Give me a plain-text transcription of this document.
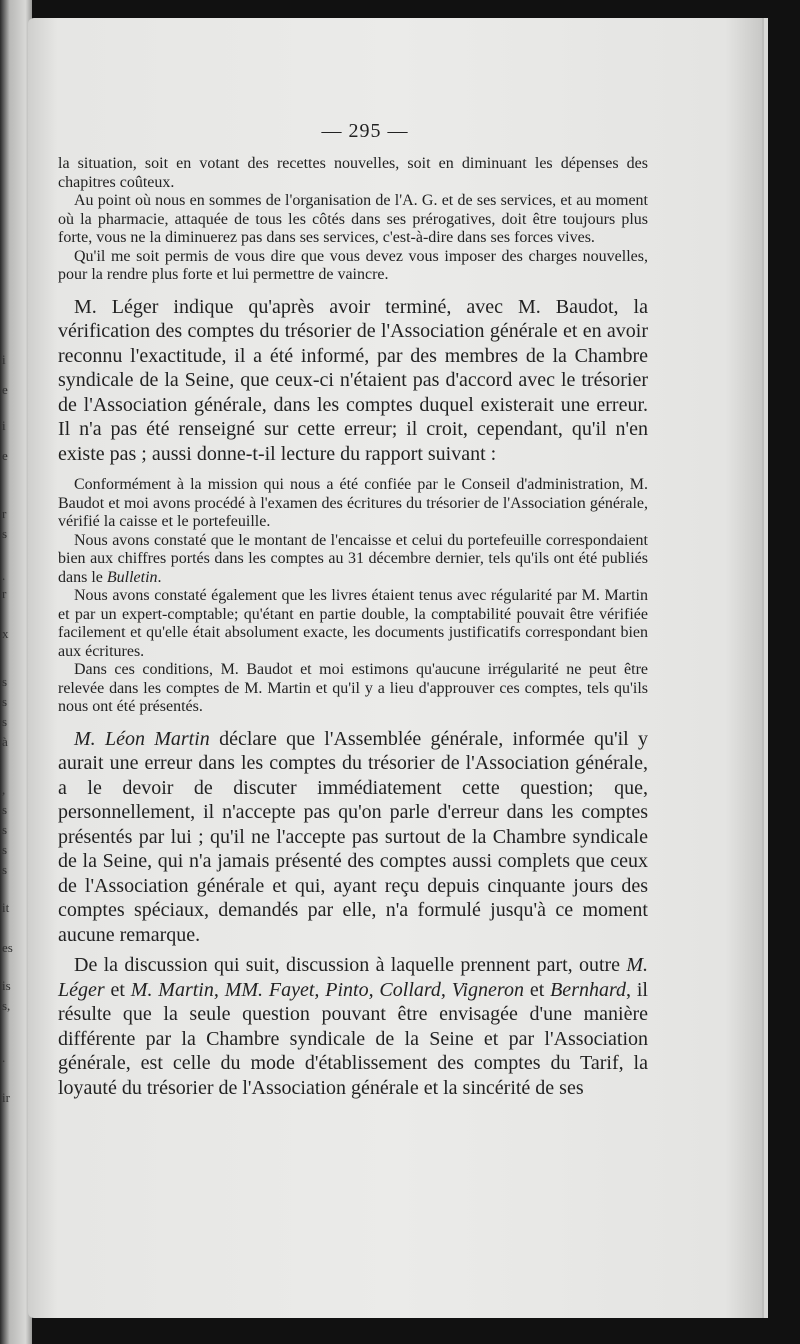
i
e
i
e
r
s
.
r
x
s
s
s
à
,
s
s
s
s
it
es
is
s,
.
ir
— 295 —

la situation, soit en votant des recettes nouvelles, soit en diminuant les dépenses des chapitres coûteux.

Au point où nous en sommes de l'organisation de l'A. G. et de ses services, et au moment où la pharmacie, attaquée de tous les côtés dans ses prérogatives, doit être toujours plus forte, vous ne la diminuerez pas dans ses services, c'est-à-dire dans ses forces vives.

Qu'il me soit permis de vous dire que vous devez vous imposer des charges nouvelles, pour la rendre plus forte et lui permettre de vaincre.

M. Léger indique qu'après avoir terminé, avec M. Baudot, la vérification des comptes du trésorier de l'Association générale et en avoir reconnu l'exactitude, il a été informé, par des membres de la Chambre syndicale de la Seine, que ceux-ci n'étaient pas d'accord avec le trésorier de l'Association générale, dans les comptes duquel existerait une erreur. Il n'a pas été renseigné sur cette erreur; il croit, cependant, qu'il n'en existe pas ; aussi donne-t-il lecture du rapport suivant :

Conformément à la mission qui nous a été confiée par le Conseil d'administration, M. Baudot et moi avons procédé à l'examen des écritures du trésorier de l'Association générale, vérifié la caisse et le portefeuille.

Nous avons constaté que le montant de l'encaisse et celui du portefeuille correspondaient bien aux chiffres portés dans les comptes au 31 décembre dernier, tels qu'ils ont été publiés dans le Bulletin.

Nous avons constaté également que les livres étaient tenus avec régularité par M. Martin et par un expert-comptable; qu'étant en partie double, la comptabilité pouvait être vérifiée facilement et qu'elle était absolument exacte, les documents justificatifs correspondant bien aux écritures.

Dans ces conditions, M. Baudot et moi estimons qu'aucune irrégularité ne peut être relevée dans les comptes de M. Martin et qu'il y a lieu d'approuver ces comptes, tels qu'ils nous ont été présentés.

M. Léon Martin déclare que l'Assemblée générale, informée qu'il y aurait une erreur dans les comptes du trésorier de l'Association générale, a le devoir de discuter immédiatement cette question; que, personnellement, il n'accepte pas qu'on parle d'erreur dans les comptes présentés par lui ; qu'il ne l'accepte pas surtout de la Chambre syndicale de la Seine, qui n'a jamais présenté des comptes aussi complets que ceux de l'Association générale et qui, ayant reçu depuis cinquante jours des comptes spéciaux, demandés par elle, n'a formulé jusqu'à ce moment aucune remarque.

De la discussion qui suit, discussion à laquelle prennent part, outre M. Léger et M. Martin, MM. Fayet, Pinto, Collard, Vigneron et Bernhard, il résulte que la seule question pouvant être envisagée d'une manière différente par la Chambre syndicale de la Seine et par l'Association générale, est celle du mode d'établissement des comptes du Tarif, la loyauté du trésorier de l'Association générale et la sincérité de ses
